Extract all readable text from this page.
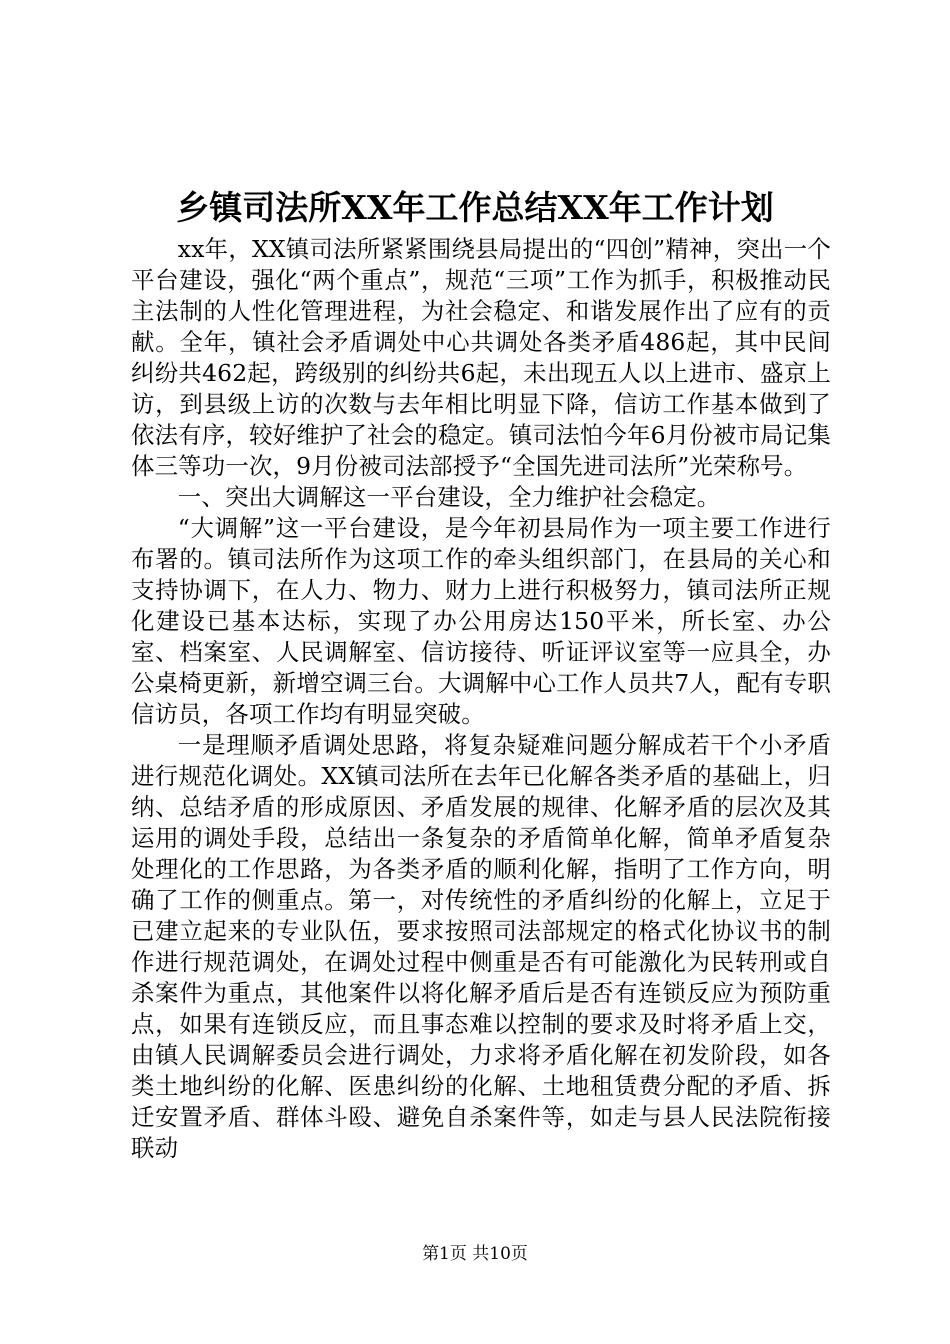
乡镇司法所XX年工作总结XX年工作计划

xx年，XX镇司法所紧紧围绕县局提出的“四创”精神，突出一个平台建设，强化“两个重点”，规范“三项”工作为抓手，积极推动民主法制的人性化管理进程，为社会稳定、和谐发展作出了应有的贡献。全年，镇社会矛盾调处中心共调处各类矛盾486起，其中民间纠纷共462起，跨级别的纠纷共6起，未出现五人以上进市、盛京上访，到县级上访的次数与去年相比明显下降，信访工作基本做到了依法有序，较好维护了社会的稳定。镇司法怕今年6月份被市局记集体三等功一次，9月份被司法部授予“全国先进司法所”光荣称号。

一、突出大调解这一平台建设，全力维护社会稳定。

“大调解”这一平台建设，是今年初县局作为一项主要工作进行布署的。镇司法所作为这项工作的牵头组织部门，在县局的关心和支持协调下，在人力、物力、财力上进行积极努力，镇司法所正规化建设已基本达标，实现了办公用房达150平米，所长室、办公室、档案室、人民调解室、信访接待、听证评议室等一应具全，办公桌椅更新，新增空调三台。大调解中心工作人员共7人，配有专职信访员，各项工作均有明显突破。

一是理顺矛盾调处思路，将复杂疑难问题分解成若干个小矛盾进行规范化调处。XX镇司法所在去年已化解各类矛盾的基础上，归纳、总结矛盾的形成原因、矛盾发展的规律、化解矛盾的层次及其运用的调处手段，总结出一条复杂的矛盾简单化解，简单矛盾复杂处理化的工作思路，为各类矛盾的顺利化解，指明了工作方向，明确了工作的侧重点。第一，对传统性的矛盾纠纷的化解上，立足于已建立起来的专业队伍，要求按照司法部规定的格式化协议书的制作进行规范调处，在调处过程中侧重是否有可能激化为民转刑或自杀案件为重点，其他案件以将化解矛盾后是否有连锁反应为预防重点，如果有连锁反应，而且事态难以控制的要求及时将矛盾上交，由镇人民调解委员会进行调处，力求将矛盾化解在初发阶段，如各类土地纠纷的化解、医患纠纷的化解、土地租赁费分配的矛盾、拆迁安置矛盾、群体斗殴、避免自杀案件等，如走与县人民法院衔接联动

第1页 共10页
